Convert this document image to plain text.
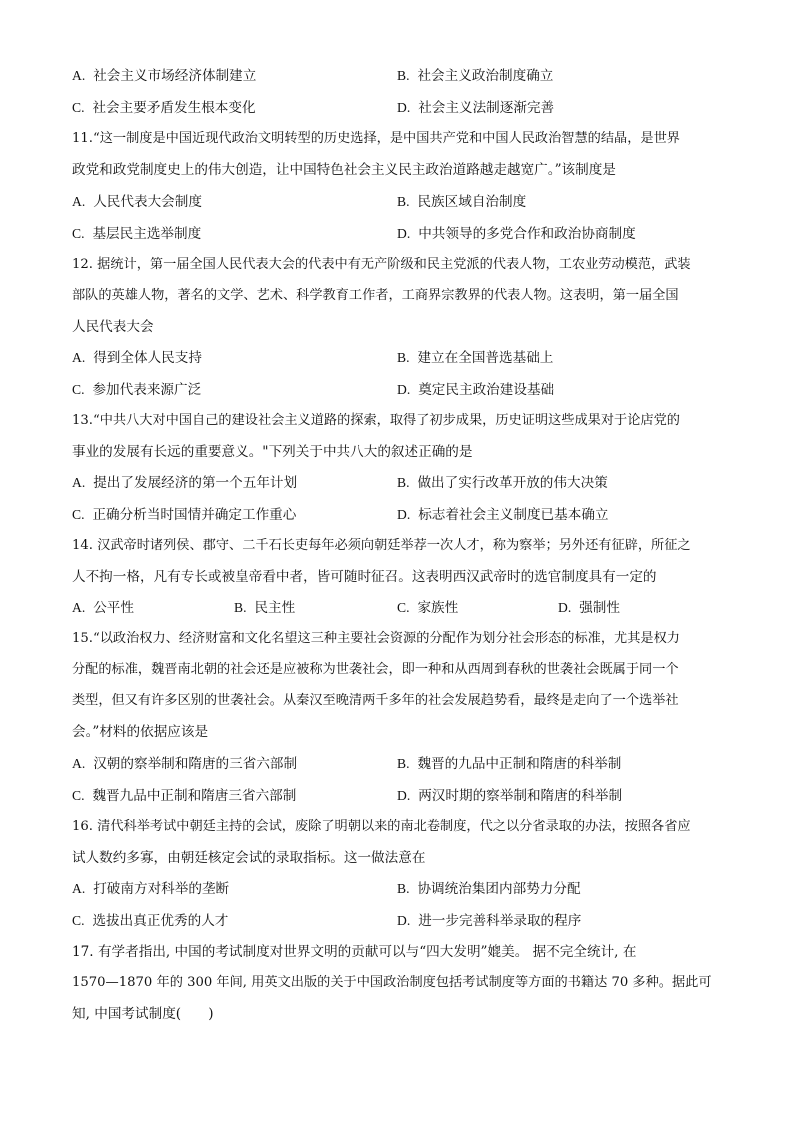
A. 社会主义市场经济体制建立	B. 社会主义政治制度确立
C. 社会主要矛盾发生根本变化	D. 社会主义法制逐渐完善
11.“这一制度是中国近现代政治文明转型的历史选择，是中国共产党和中国人民政治智慧的结晶，是世界
政党和政党制度史上的伟大创造，让中国特色社会主义民主政治道路越走越宽广。”该制度是
A. 人民代表大会制度	B. 民族区域自治制度
C. 基层民主选举制度	D. 中共领导的多党合作和政治协商制度
12. 据统计，第一届全国人民代表大会的代表中有无产阶级和民主党派的代表人物，工农业劳动模范，武装
部队的英雄人物，著名的文学、艺术、科学教育工作者，工商界宗教界的代表人物。这表明，第一届全国
人民代表大会
A. 得到全体人民支持	B. 建立在全国普选基础上
C. 参加代表来源广泛	D. 奠定民主政治建设基础
13.“中共八大对中国自己的建设社会主义道路的探索，取得了初步成果，历史证明这些成果对于论店党的
事业的发展有长远的重要意义。"下列关于中共八大的叙述正确的是
A. 提出了发展经济的第一个五年计划	B. 做出了实行改革开放的伟大决策
C. 正确分析当时国情并确定工作重心	D. 标志着社会主义制度已基本确立
14. 汉武帝时诸列侯、郡守、二千石长吏每年必须向朝廷举荐一次人才，称为察举；另外还有征辟，所征之
人不拘一格，凡有专长或被皇帝看中者，皆可随时征召。这表明西汉武帝时的选官制度具有一定的
A. 公平性	B. 民主性	C. 家族性	D. 强制性
15.“以政治权力、经济财富和文化名望这三种主要社会资源的分配作为划分社会形态的标准，尤其是权力
分配的标准，魏晋南北朝的社会还是应被称为世袭社会，即一种和从西周到春秋的世袭社会既属于同一个
类型，但又有许多区别的世袭社会。从秦汉至晚清两千多年的社会发展趋势看，最终是走向了一个选举社
会。”材料的依据应该是
A. 汉朝的察举制和隋唐的三省六部制	B. 魏晋的九品中正制和隋唐的科举制
C. 魏晋九品中正制和隋唐三省六部制	D. 两汉时期的察举制和隋唐的科举制
16. 清代科举考试中朝廷主持的会试，废除了明朝以来的南北卷制度，代之以分省录取的办法，按照各省应
试人数约多寡，由朝廷核定会试的录取指标。这一做法意在
A. 打破南方对科举的垄断	B. 协调统治集团内部势力分配
C. 选拔出真正优秀的人才	D. 进一步完善科举录取的程序
17. 有学者指出, 中国的考试制度对世界文明的贡献可以与“四大发明”媲美。 据不完全统计, 在
1570—1870 年的 300 年间, 用英文出版的关于中国政治制度包括考试制度等方面的书籍达 70 多种。据此可
知, 中国考试制度(　　)
